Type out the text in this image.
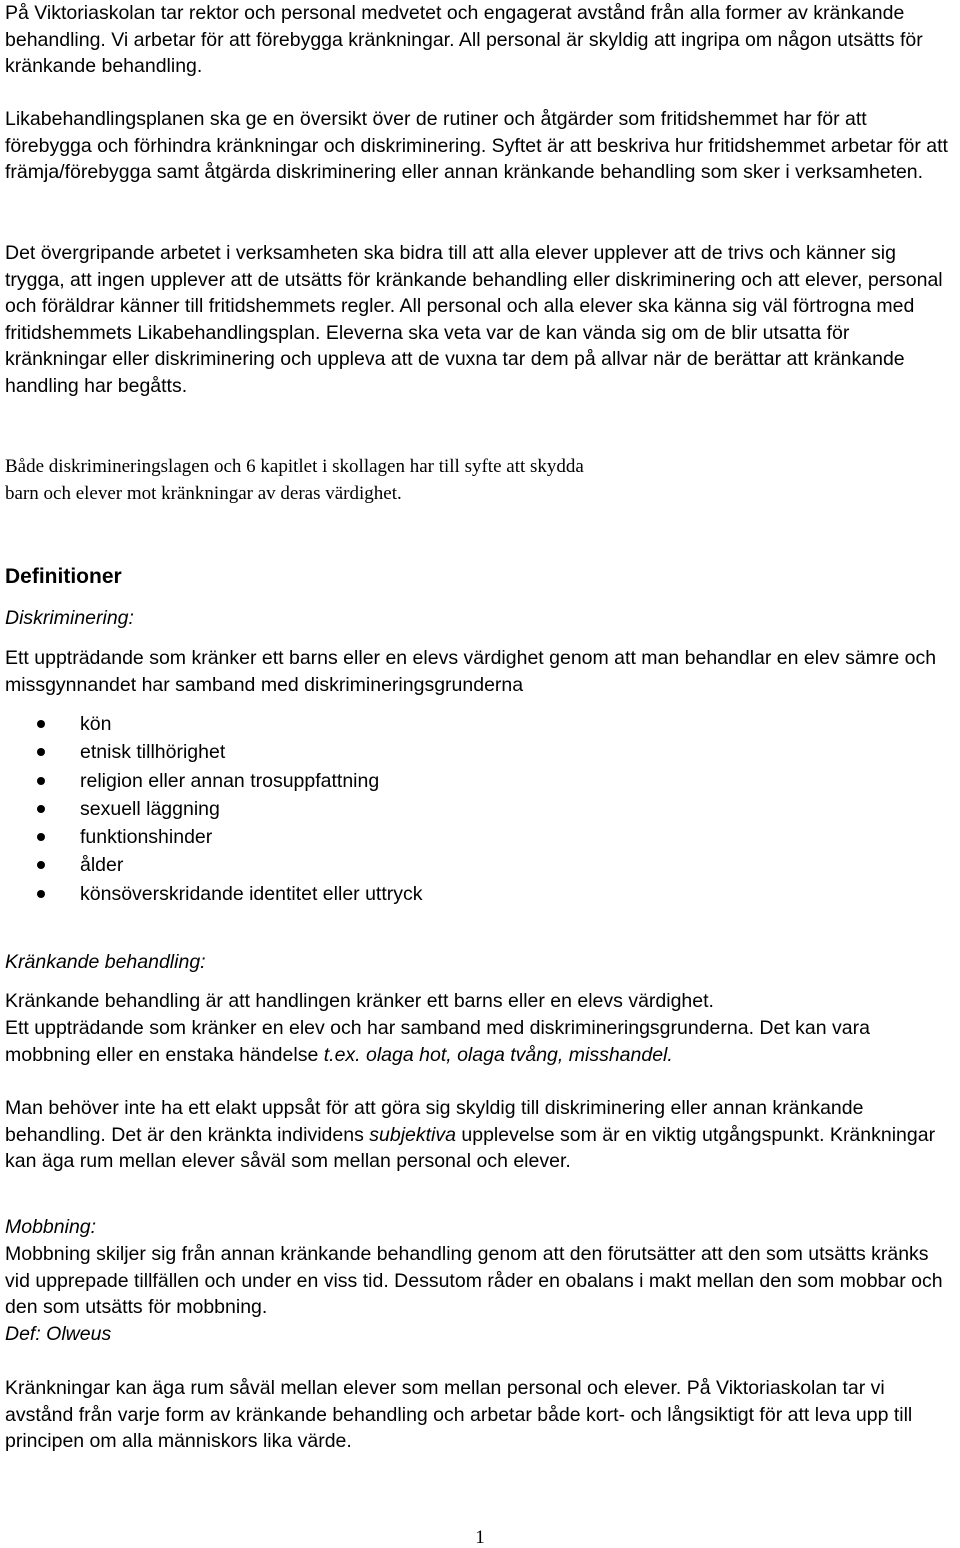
På Viktoriaskolan tar rektor och personal medvetet och engagerat avstånd från alla former av kränkande behandling. Vi arbetar för att förebygga kränkningar. All personal är skyldig att ingripa om någon utsätts för kränkande behandling.

Likabehandlingsplanen ska ge en översikt över de rutiner och åtgärder som fritidshemmet har för att förebygga och förhindra kränkningar och diskriminering. Syftet är att beskriva hur fritidshemmet arbetar för att främja/förebygga samt åtgärda diskriminering eller annan kränkande behandling som sker i verksamheten.

Det övergripande arbetet i verksamheten ska bidra till att alla elever upplever att de trivs och känner sig trygga, att ingen upplever att de utsätts för kränkande behandling eller diskriminering och att elever, personal och föräldrar känner till fritidshemmets regler. All personal och alla elever ska känna sig väl förtrogna med fritidshemmets Likabehandlingsplan. Eleverna ska veta var de kan vända sig om de blir utsatta för kränkningar eller diskriminering och uppleva att de vuxna tar dem på allvar när de berättar att kränkande handling har begåtts.

Både diskrimineringslagen och 6 kapitlet i skollagen har till syfte att skydda barn och elever mot kränkningar av deras värdighet.

Definitioner
Diskriminering:

Ett uppträdande som kränker ett barns eller en elevs värdighet genom att man behandlar en elev sämre och missgynnandet har samband med diskrimineringsgrunderna

kön
etnisk tillhörighet
religion eller annan trosuppfattning
sexuell läggning
funktionshinder
ålder
könsöverskridande identitet eller uttryck
Kränkande behandling:

Kränkande behandling är att handlingen kränker ett barns eller en elevs värdighet.

Ett uppträdande som kränker en elev och har samband med diskrimineringsgrunderna. Det kan vara mobbning eller en enstaka händelse t.ex. olaga hot, olaga tvång, misshandel.

Man behöver inte ha ett elakt uppsåt för att göra sig skyldig till diskriminering eller annan kränkande behandling. Det är den kränkta individens subjektiva upplevelse som är en viktig utgångspunkt. Kränkningar kan äga rum mellan elever såväl som mellan personal och elever.

Mobbning:

Mobbning skiljer sig från annan kränkande behandling genom att den förutsätter att den som utsätts kränks vid upprepade tillfällen och under en viss tid. Dessutom råder en obalans i makt mellan den som mobbar och den som utsätts för mobbning.

Def: Olweus

Kränkningar kan äga rum såväl mellan elever som mellan personal och elever. På Viktoriaskolan tar vi avstånd från varje form av kränkande behandling och arbetar både kort- och långsiktigt för att leva upp till principen om alla människors lika värde.

1
